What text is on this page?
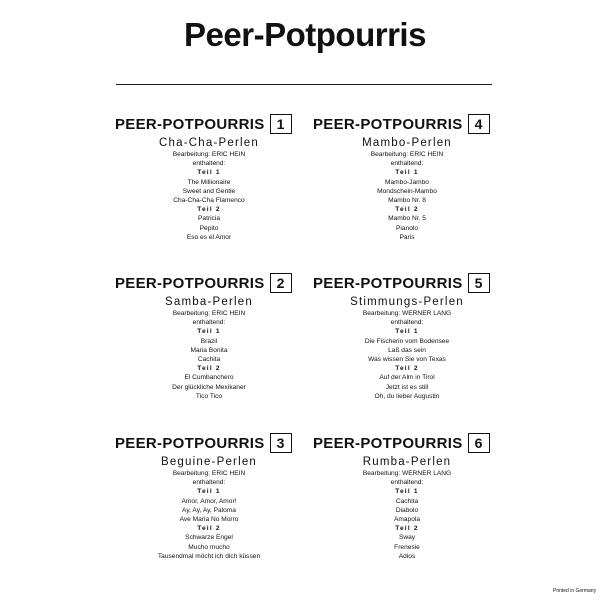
Peer-Potpourris
PEER-POTPOURRIS 1
Cha-Cha-Perlen
Bearbeitung: ERIC HEIN
enthaltend:
Teil 1
The Millionaire
Sweet and Gentle
Cha-Cha-Cha Flamenco
Teil 2
Patricia
Pepito
Eso es el Amor
PEER-POTPOURRIS 4
Mambo-Perlen
Bearbeitung: ERIC HEIN
enthaltend:
Teil 1
Mambo-Jambo
Mondschein-Mambo
Mambo Nr. 8
Teil 2
Mambo Nr. 5
Pianolo
Paris
PEER-POTPOURRIS 2
Samba-Perlen
Bearbeitung: ERIC HEIN
enthaltend:
Teil 1
Brazil
Maria Bonita
Cachita
Teil 2
El Cumbanchero
Der glückliche Mexikaner
Tico Tico
PEER-POTPOURRIS 5
Stimmungs-Perlen
Bearbeitung: WERNER LANG
enthaltend:
Teil 1
Die Fischerin vom Bodensee
Laß das sein
Was wissen Sie von Texas
Teil 2
Auf der Alm in Tirol
Jetzt ist es still
Oh, du lieber Augustin
PEER-POTPOURRIS 3
Beguine-Perlen
Bearbeitung: ERIC HEIN
enthaltend:
Teil 1
Amor, Amor, Amor!
Ay, Ay, Ay, Paloma
Ave Maria No Morro
Teil 2
Schwarze Engel
Mucho mucho
Tausendmal möcht ich dich küssen
PEER-POTPOURRIS 6
Rumba-Perlen
Bearbeitung: WERNER LANG
enthaltend:
Teil 1
Cachita
Diabolo
Amapola
Teil 2
Sway
Frenesie
Adios
Printed in Germany
